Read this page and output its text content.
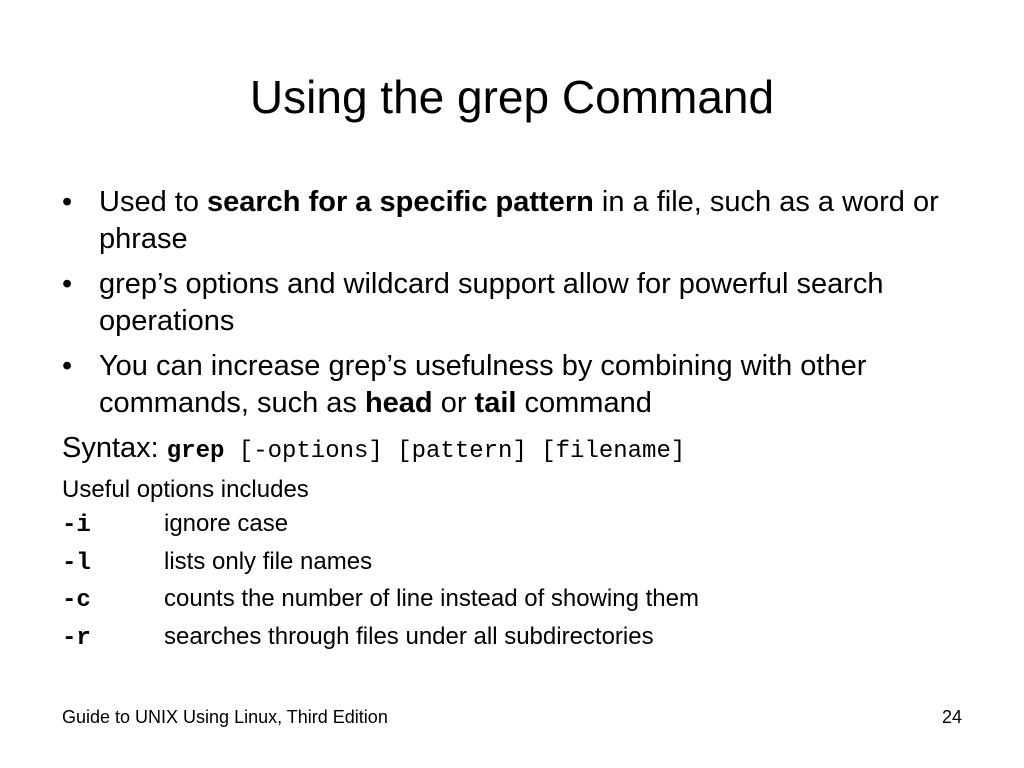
Using the grep Command
• Used to search for a specific pattern in a file, such as a word or phrase
• grep’s options and wildcard support allow for powerful search operations
• You can increase grep’s usefulness by combining with other commands, such as head or tail command
Syntax: grep [-options] [pattern] [filename]
Useful options includes
-i	ignore case
-l	lists only file names
-c	counts the number of line instead of showing them
-r	searches through files under all subdirectories
Guide to UNIX Using Linux, Third Edition	24
